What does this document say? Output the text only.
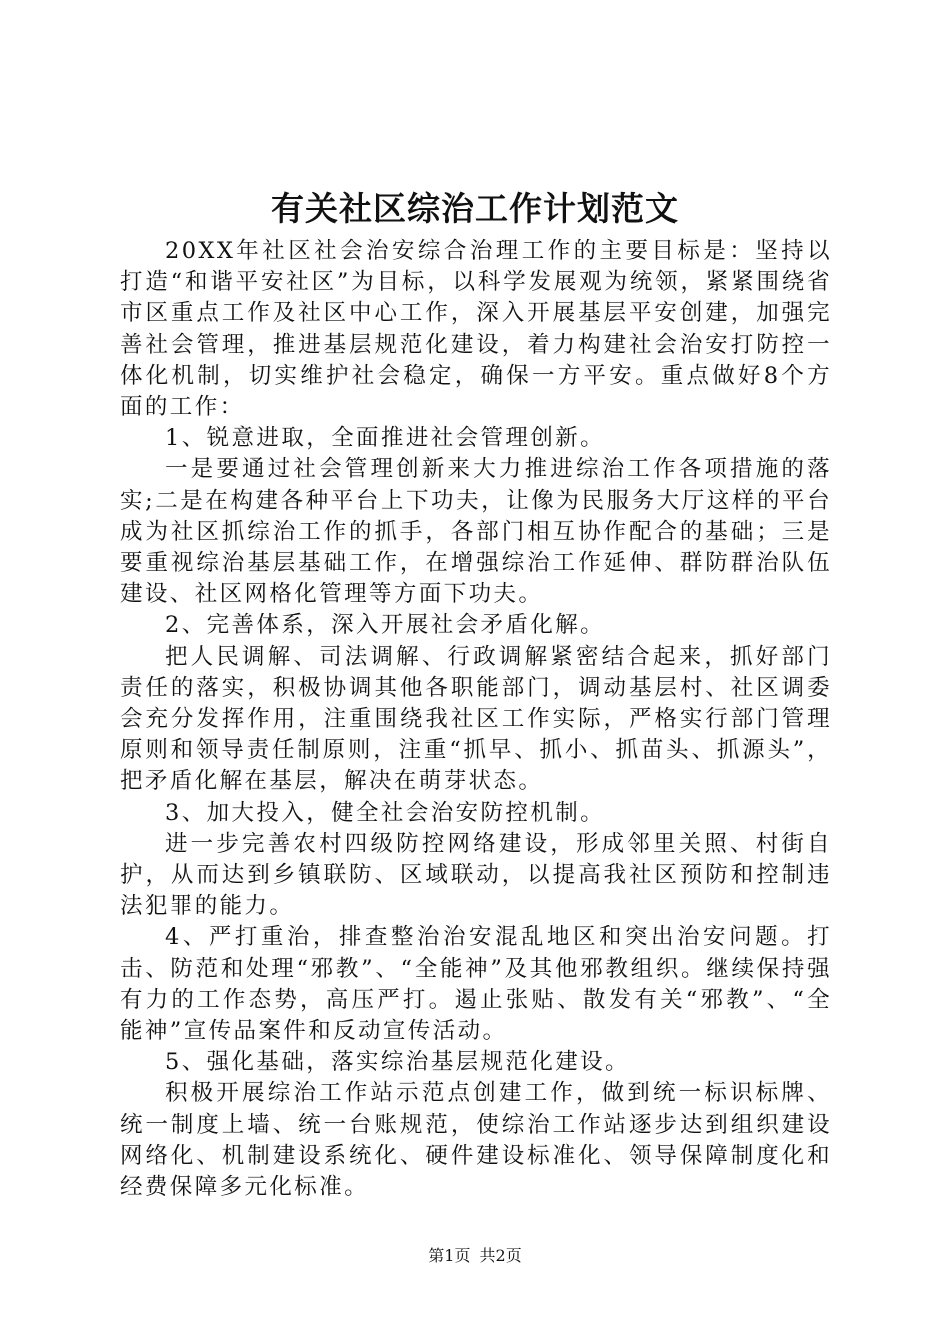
有关社区综治工作计划范文

20XX年社区社会治安综合治理工作的主要目标是：坚持以打造“和谐平安社区”为目标，以科学发展观为统领，紧紧围绕省市区重点工作及社区中心工作，深入开展基层平安创建，加强完善社会管理，推进基层规范化建设，着力构建社会治安打防控一体化机制，切实维护社会稳定，确保一方平安。重点做好8个方面的工作：

1、锐意进取，全面推进社会管理创新。

一是要通过社会管理创新来大力推进综治工作各项措施的落实;二是在构建各种平台上下功夫，让像为民服务大厅这样的平台成为社区抓综治工作的抓手，各部门相互协作配合的基础；三是要重视综治基层基础工作，在增强综治工作延伸、群防群治队伍建设、社区网格化管理等方面下功夫。

2、完善体系，深入开展社会矛盾化解。

把人民调解、司法调解、行政调解紧密结合起来，抓好部门责任的落实，积极协调其他各职能部门，调动基层村、社区调委会充分发挥作用，注重围绕我社区工作实际，严格实行部门管理原则和领导责任制原则，注重“抓早、抓小、抓苗头、抓源头”，把矛盾化解在基层，解决在萌芽状态。

3、加大投入，健全社会治安防控机制。

进一步完善农村四级防控网络建设，形成邻里关照、村街自护，从而达到乡镇联防、区域联动，以提高我社区预防和控制违法犯罪的能力。

4、严打重治，排查整治治安混乱地区和突出治安问题。打击、防范和处理“邪教”、“全能神”及其他邪教组织。继续保持强有力的工作态势，高压严打。遏止张贴、散发有关“邪教”、“全能神”宣传品案件和反动宣传活动。

5、强化基础，落实综治基层规范化建设。

积极开展综治工作站示范点创建工作，做到统一标识标牌、统一制度上墙、统一台账规范，使综治工作站逐步达到组织建设网络化、机制建设系统化、硬件建设标准化、领导保障制度化和经费保障多元化标准。

第1页 共2页
